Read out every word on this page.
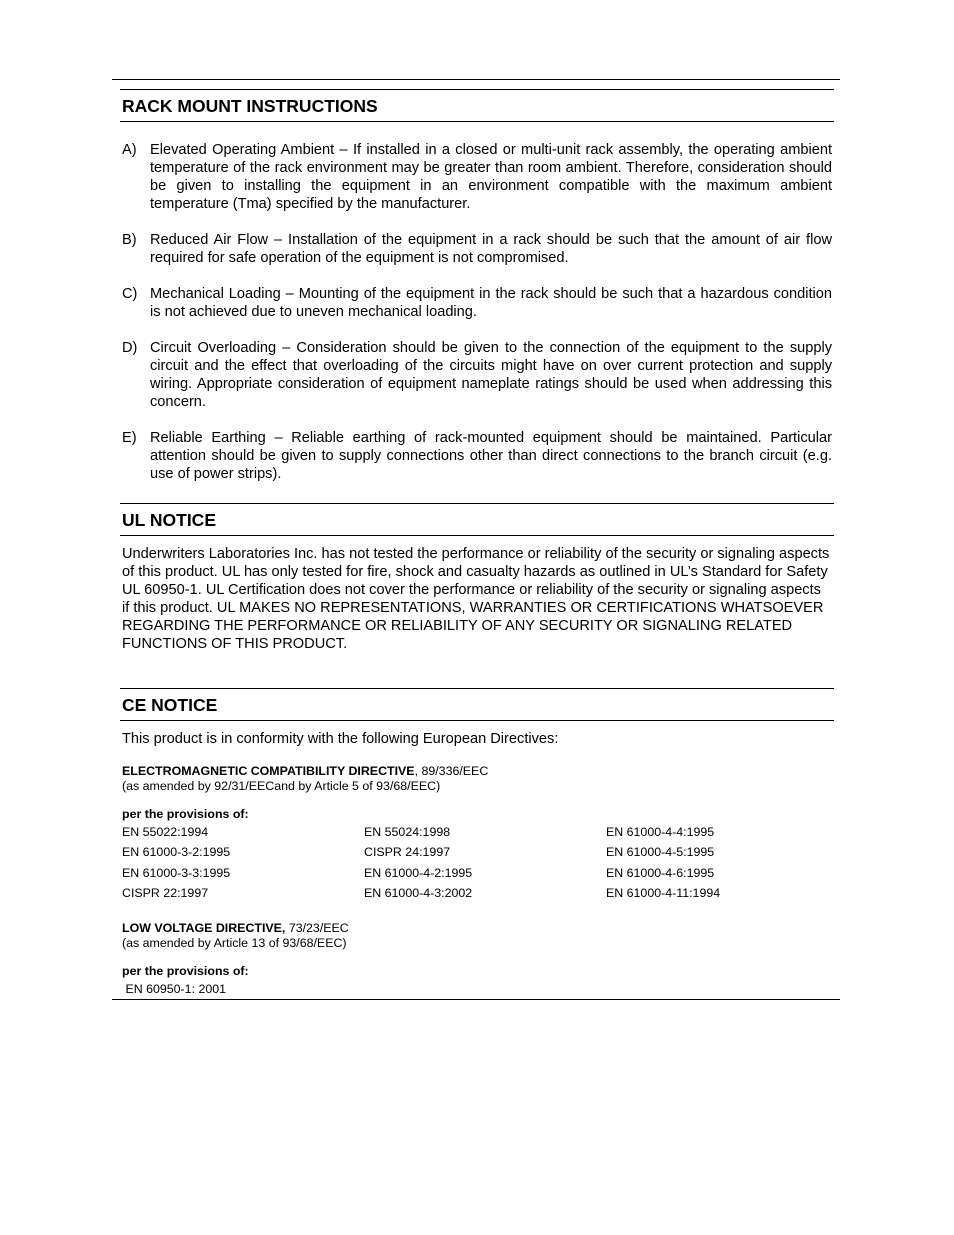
RACK MOUNT INSTRUCTIONS
A) Elevated Operating Ambient – If installed in a closed or multi-unit rack assembly, the operating ambient temperature of the rack environment may be greater than room ambient. Therefore, consideration should be given to installing the equipment in an environment compatible with the maximum ambient temperature (Tma) specified by the manufacturer.
B) Reduced Air Flow – Installation of the equipment in a rack should be such that the amount of air flow required for safe operation of the equipment is not compromised.
C) Mechanical Loading – Mounting of the equipment in the rack should be such that a hazardous condition is not achieved due to uneven mechanical loading.
D) Circuit Overloading – Consideration should be given to the connection of the equipment to the supply circuit and the effect that overloading of the circuits might have on over current protection and supply wiring. Appropriate consideration of equipment nameplate ratings should be used when addressing this concern.
E) Reliable Earthing – Reliable earthing of rack-mounted equipment should be maintained. Particular attention should be given to supply connections other than direct connections to the branch circuit (e.g. use of power strips).
UL NOTICE
Underwriters Laboratories Inc. has not tested the performance or reliability of the security or signaling aspects of this product. UL has only tested for fire, shock and casualty hazards as outlined in UL’s Standard for Safety UL 60950-1. UL Certification does not cover the performance or reliability of the security or signaling aspects if this product. UL MAKES NO REPRESENTATIONS, WARRANTIES OR CERTIFICATIONS WHATSOEVER REGARDING THE PERFORMANCE OR RELIABILITY OF ANY SECURITY OR SIGNALING RELATED FUNCTIONS OF THIS PRODUCT.
CE NOTICE
This product is in conformity with the following European Directives:
ELECTROMAGNETIC COMPATIBILITY DIRECTIVE, 89/336/EEC
(as amended by 92/31/EECand by Article 5 of 93/68/EEC)
per the provisions of:
EN 55022:1994	EN 55024:1998	EN 61000-4-4:1995
EN 61000-3-2:1995	CISPR 24:1997	EN 61000-4-5:1995
EN 61000-3-3:1995	EN 61000-4-2:1995	EN 61000-4-6:1995
CISPR 22:1997	EN 61000-4-3:2002	EN 61000-4-11:1994
LOW VOLTAGE DIRECTIVE, 73/23/EEC
(as amended by Article 13 of 93/68/EEC)
per the provisions of:
EN 60950-1: 2001
